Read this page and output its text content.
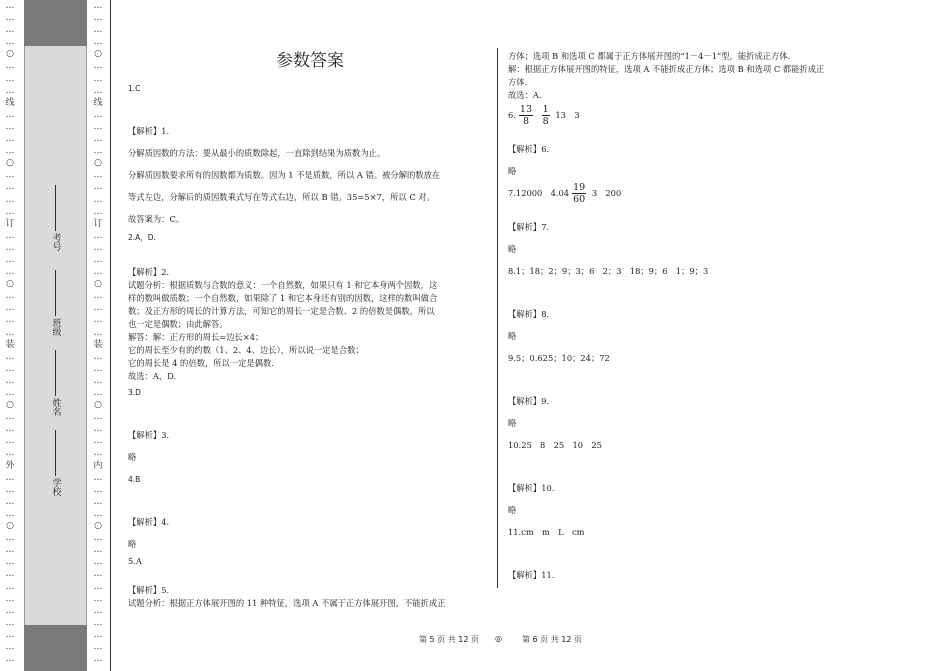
…
…
…
…
○
…
…
…
线
…
…
…
…
○
…
…
…
…
订
…
…
…
…
○
…
…
…
…
装
…
…
…
…
○
…
…
…
…
外
…
…
…
…
○
…
…
…
…
…
…
…
…
…
…
…
考号
班级
姓名
学校
…
…
…
…
○
…
…
…
线
…
…
…
…
○
…
…
…
…
订
…
…
…
…
○
…
…
…
…
装
…
…
…
…
○
…
…
…
…
内
…
…
…
…
○
…
…
…
…
…
…
…
…
…
…
…
参数答案

1.C

【解析】1.

分解质因数的方法：要从最小的质数除起，一直除到结果为质数为止。

分解质因数要求所有的因数都为质数。因为 1 不是质数，所以 A 错。被分解的数放在

等式左边，分解后的质因数乘式写在等式右边，所以 B 错。35=5×7，所以 C 对。

故答案为：C。

2.A，D.

【解析】2.

试题分析：根据质数与合数的意义：一个自然数，如果只有 1 和它本身两个因数，这

样的数叫做质数；一个自然数，如果除了 1 和它本身还有别的因数，这样的数叫做合

数；及正方形的周长的计算方法，可知它的周长一定是合数、2 的倍数是偶数，所以

也一定是偶数；由此解答。

解答：解：正方形的周长=边长×4；

它的周长至少有的约数（1、2、4、边长），所以说一定是合数；

它的周长是 4 的倍数，所以一定是偶数.

故选：A，D.

3.D

【解析】3.

略

4.B

【解析】4.

略

5.A

【解析】5.

试题分析：根据正方体展开图的 11 种特征，选项 A 不属于正方体展开图，不能折成正

方体；选项 B 和选项 C 都属于正方体展开图的“1－4－1”型，能折成正方体.

解：根据正方体展开图的特征，选项 A 不能折成正方体；选项 B 和选项 C 都能折成正

方体.

故选：A.

6. $\frac{13}{8}$
$\frac{1}{8} 13$　3

【解析】6.

略

7.12000　$4.04 \frac{19}{60} 3$　200

【解析】7.

略

8.1；18；2；9；3；6　2；3　18；9；6　1；9；3

【解析】8.

略

9.5；0.625；10；24；72

【解析】9.

略

10.25　8　25　10　25

【解析】10.

略

11.cm　m　L　cm

【解析】11.

第 5 页 共 12 页 ◎	第 6 页 共 12 页
